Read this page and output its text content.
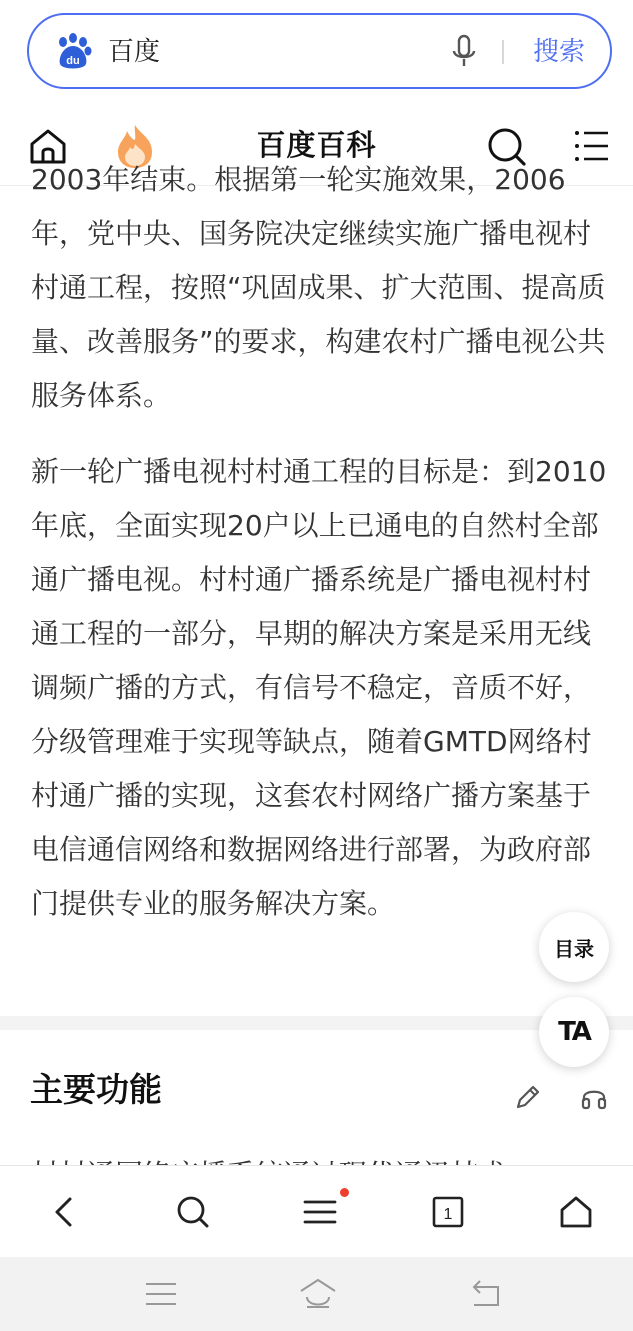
du 百度	搜索
百度百科

2003年结束。根据第一轮实施效果，2006年，党中央、国务院决定继续实施广播电视村村通工程，按照“巩固成果、扩大范围、提高质量、改善服务”的要求，构建农村广播电视公共服务体系。

新一轮广播电视村村通工程的目标是：到2010年底，全面实现20户以上已通电的自然村全部通广播电视。村村通广播系统是广播电视村村通工程的一部分，早期的解决方案是采用无线调频广播的方式，有信号不稳定，音质不好，分级管理难于实现等缺点，随着GMTD网络村村通广播的实现，这套农村网络广播方案基于电信通信网络和数据网络进行部署，为政府部门提供专业的服务解决方案。

主要功能
目录
TA
1
